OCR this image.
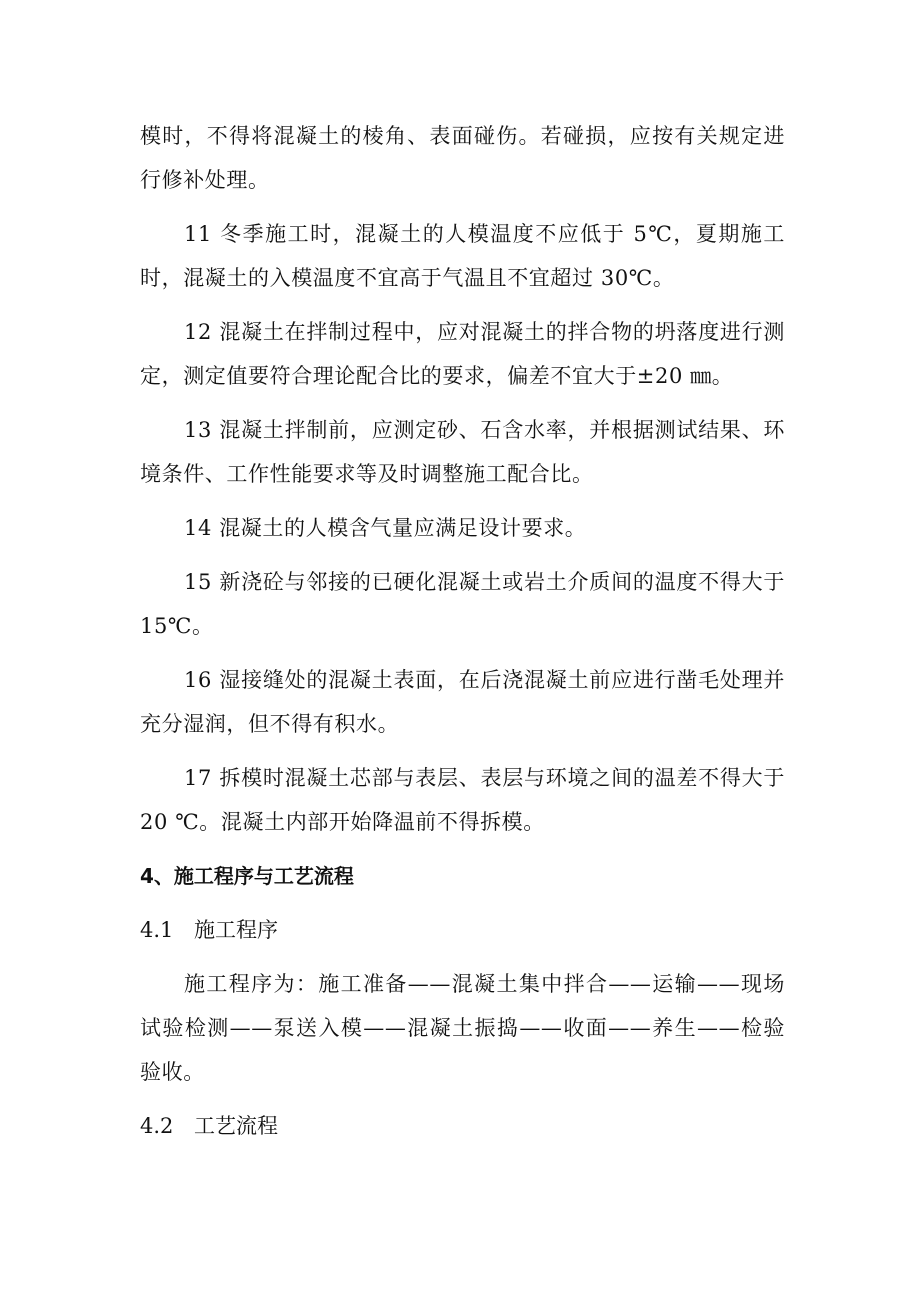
模时，不得将混凝土的棱角、表面碰伤。若碰损，应按有关规定进行修补处理。

11 冬季施工时，混凝土的人模温度不应低于 5℃，夏期施工时，混凝土的入模温度不宜高于气温且不宜超过 30℃。

12 混凝土在拌制过程中，应对混凝土的拌合物的坍落度进行测定，测定值要符合理论配合比的要求，偏差不宜大于±20 ㎜。

13 混凝土拌制前，应测定砂、石含水率，并根据测试结果、环境条件、工作性能要求等及时调整施工配合比。

14 混凝土的人模含气量应满足设计要求。

15 新浇砼与邻接的已硬化混凝土或岩土介质间的温度不得大于15℃。

16 湿接缝处的混凝土表面，在后浇混凝土前应进行凿毛处理并充分湿润，但不得有积水。

17 拆模时混凝土芯部与表层、表层与环境之间的温差不得大于20 ℃。混凝土内部开始降温前不得拆模。

4、施工程序与工艺流程
4.1 施工程序

施工程序为：施工准备——混凝土集中拌合——运输——现场试验检测——泵送入模——混凝土振捣——收面——养生——检验验收。

4.2 工艺流程
